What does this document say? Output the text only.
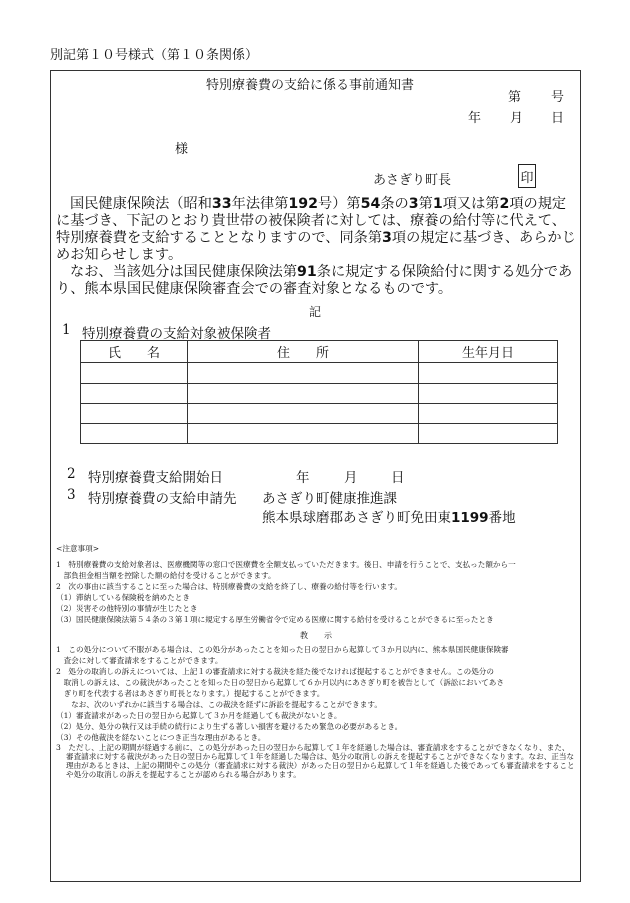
別記第１０号様式（第１０条関係）
特別療養費の支給に係る事前通知書
第 号
年 月 日
様
あさぎり町長	印
国民健康保険法（昭和33年法律第192号）第54条の3第1項又は第2項の規定に基づき、下記のとおり貴世帯の被保険者に対しては、療養の給付等に代えて、特別療養費を支給することとなりますので、同条第3項の規定に基づき、あらかじめお知らせします。
なお、当該処分は国民健康保険法第91条に規定する保険給付に関する処分であり、熊本県国民健康保険審査会での審査対象となるものです。
記
1 特別療養費の支給対象被保険者
氏　　名	住　　所	生年月日

2 特別療養費支給開始日	年	月 日
3 特別療養費の支給申請先 あさぎり町健康推進課
熊本県球磨郡あさぎり町免田東1199番地
<注意事項>
1　特別療養費の支給対象者は、医療機関等の窓口で医療費を全額支払っていただきます。後日、申請を行うことで、支払った額から一
　部負担金相当額を控除した額の給付を受けることができます。
2　次の事由に該当することに至った場合は、特別療養費の支給を終了し、療養の給付等を行います。
（1）滞納している保険税を納めたとき
（2）災害その他特別の事情が生じたとき
（3）国民健康保険法第５４条の３第１項に規定する厚生労働省令で定める医療に関する給付を受けることができるに至ったとき
教　　示
1　この処分について不服がある場合は、この処分があったことを知った日の翌日から起算して３か月以内に、熊本県国民健康保険審
　査会に対して審査請求をすることができます。
2　処分の取消しの訴えについては、上記１の審査請求に対する裁決を経た後でなければ提起することができません。この処分の
　取消しの訴えは、この裁決があったことを知った日の翌日から起算して６か月以内にあさぎり町を被告として（訴訟においてあさ
　ぎり町を代表する者はあさぎり町長となります。）提起することができます。
　　なお、次のいずれかに該当する場合は、この裁決を経ずに訴訟を提起することができます。
（1）審査請求があった日の翌日から起算して３か月を経過しても裁決がないとき。
（2）処分、処分の執行又は手続の続行により生ずる著しい損害を避けるため緊急の必要があるとき。
（3）その他裁決を経ないことにつき正当な理由があるとき。
3　ただし、上記の期間が経過する前に、この処分があった日の翌日から起算して１年を経過した場合は、審査請求をすることができなくなり、また、審査請求に対する裁決があった日の翌日から起算して１年を経過した場合は、処分の取消しの訴えを提起することができなくなります。なお、正当な理由があるときは、上記の期間やこの処分（審査請求に対する裁決）があった日の翌日から起算して１年を経過した後であっても審査請求をすることや処分の取消しの訴えを提起することが認められる場合があります。
